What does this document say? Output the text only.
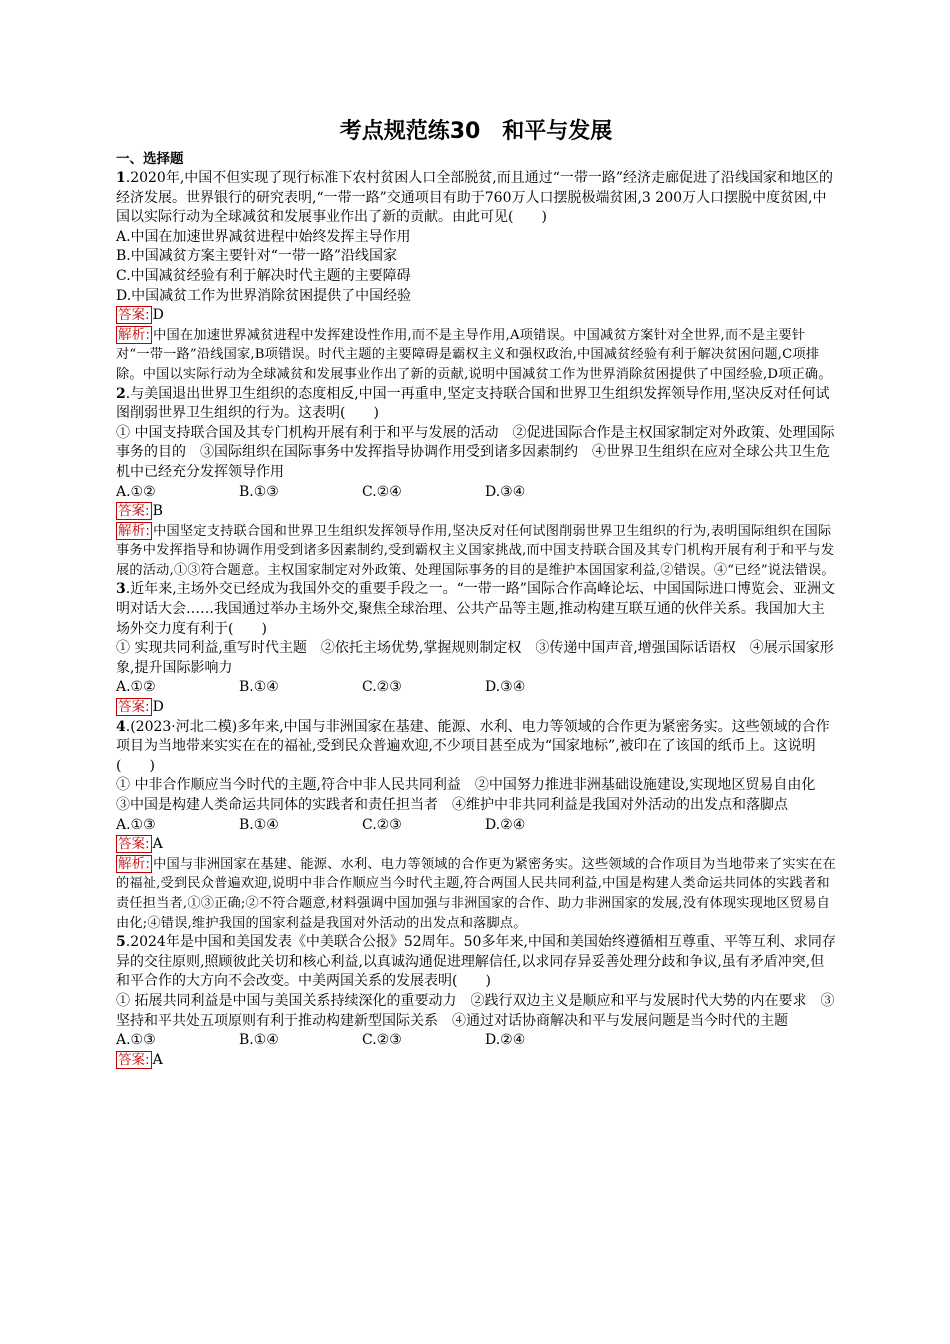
考点规范练30　和平与发展
一、选择题

1.2020年,中国不但实现了现行标准下农村贫困人口全部脱贫,而且通过“一带一路”经济走廊促进了沿线国家和地区的经济发展。世界银行的研究表明,“一带一路”交通项目有助于760万人口摆脱极端贫困,3 200万人口摆脱中度贫困,中国以实际行动为全球减贫和发展事业作出了新的贡献。由此可见(　　)

A.中国在加速世界减贫进程中始终发挥主导作用

B.中国减贫方案主要针对“一带一路”沿线国家

C.中国减贫经验有利于解决时代主题的主要障碍

D.中国减贫工作为世界消除贫困提供了中国经验

答案: D

解析: 中国在加速世界减贫进程中发挥建设性作用,而不是主导作用,A项错误。中国减贫方案针对全世界,而不是主要针对“一带一路”沿线国家,B项错误。时代主题的主要障碍是霸权主义和强权政治,中国减贫经验有利于解决贫困问题,C项排除。中国以实际行动为全球减贫和发展事业作出了新的贡献,说明中国减贫工作为世界消除贫困提供了中国经验,D项正确。

2.与美国退出世界卫生组织的态度相反,中国一再重申,坚定支持联合国和世界卫生组织发挥领导作用,坚决反对任何试图削弱世界卫生组织的行为。这表明(　　)

① 中国支持联合国及其专门机构开展有利于和平与发展的活动　②促进国际合作是主权国家制定对外政策、处理国际事务的目的　③国际组织在国际事务中发挥指导协调作用受到诸多因素制约　④世界卫生组织在应对全球公共卫生危机中已经充分发挥领导作用

A.①②	B.①③	C.②④	D.③④

答案: B

解析: 中国坚定支持联合国和世界卫生组织发挥领导作用,坚决反对任何试图削弱世界卫生组织的行为,表明国际组织在国际事务中发挥指导和协调作用受到诸多因素制约,受到霸权主义国家挑战,而中国支持联合国及其专门机构开展有利于和平与发展的活动,①③符合题意。主权国家制定对外政策、处理国际事务的目的是维护本国国家利益,②错误。④“已经”说法错误。

3.近年来,主场外交已经成为我国外交的重要手段之一。“一带一路”国际合作高峰论坛、中国国际进口博览会、亚洲文明对话大会……我国通过举办主场外交,聚焦全球治理、公共产品等主题,推动构建互联互通的伙伴关系。我国加大主场外交力度有利于(　　)

① 实现共同利益,重写时代主题　②依托主场优势,掌握规则制定权　③传递中国声音,增强国际话语权　④展示国家形象,提升国际影响力

A.①②	B.①④	C.②③	D.③④

答案: D

4.(2023·河北二模)多年来,中国与非洲国家在基建、能源、水利、电力等领域的合作更为紧密务实。这些领域的合作项目为当地带来实实在在的福祉,受到民众普遍欢迎,不少项目甚至成为“国家地标”,被印在了该国的纸币上。这说明(　　)

① 中非合作顺应当今时代的主题,符合中非人民共同利益　②中国努力推进非洲基础设施建设,实现地区贸易自由化　③中国是构建人类命运共同体的实践者和责任担当者　④维护中非共同利益是我国对外活动的出发点和落脚点

A.①③	B.①④	C.②③	D.②④

答案: A

解析: 中国与非洲国家在基建、能源、水利、电力等领域的合作更为紧密务实。这些领域的合作项目为当地带来了实实在在的福祉,受到民众普遍欢迎,说明中非合作顺应当今时代主题,符合两国人民共同利益,中国是构建人类命运共同体的实践者和责任担当者,①③正确;②不符合题意,材料强调中国加强与非洲国家的合作、助力非洲国家的发展,没有体现实现地区贸易自由化;④错误,维护我国的国家利益是我国对外活动的出发点和落脚点。

5.2024年是中国和美国发表《中美联合公报》52周年。50多年来,中国和美国始终遵循相互尊重、平等互利、求同存异的交往原则,照顾彼此关切和核心利益,以真诚沟通促进理解信任,以求同存异妥善处理分歧和争议,虽有矛盾冲突,但和平合作的大方向不会改变。中美两国关系的发展表明(　　)

① 拓展共同利益是中国与美国关系持续深化的重要动力　②践行双边主义是顺应和平与发展时代大势的内在要求　③坚持和平共处五项原则有利于推动构建新型国际关系　④通过对话协商解决和平与发展问题是当今时代的主题

A.①③	B.①④	C.②③	D.②④

答案: A
